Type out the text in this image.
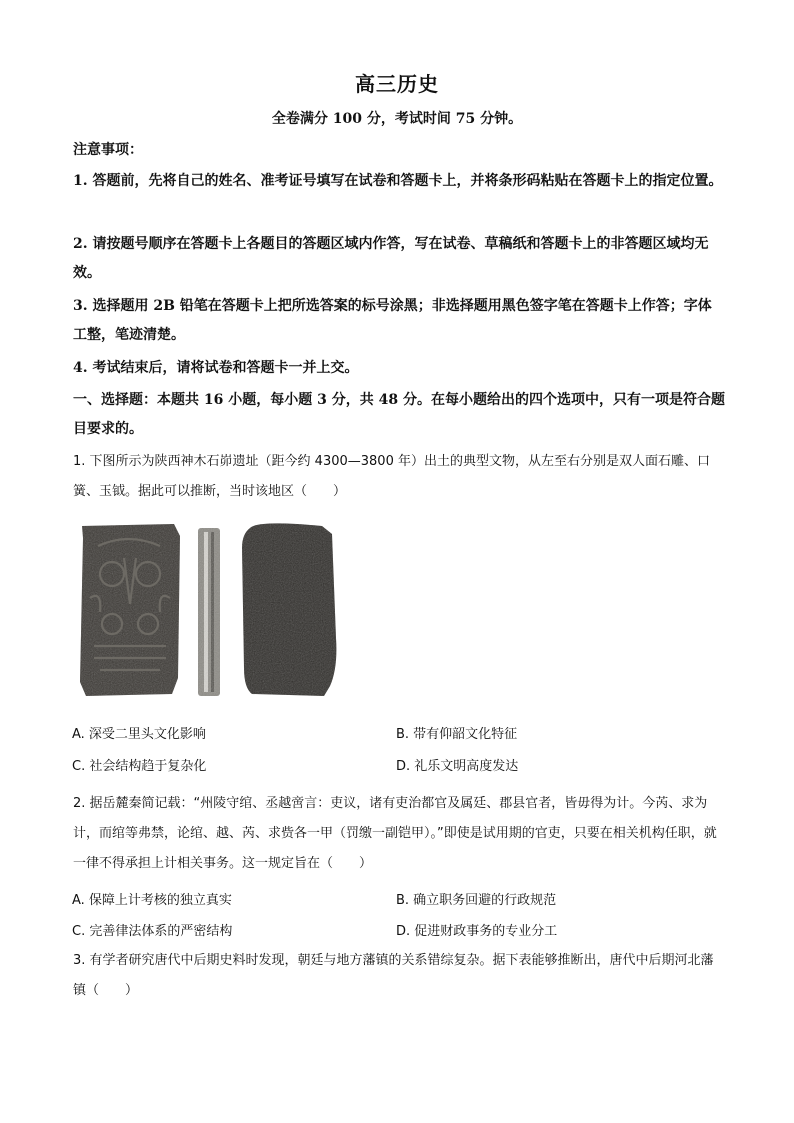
高三历史
全卷满分 100 分，考试时间 75 分钟。
注意事项：
1. 答题前，先将自己的姓名、准考证号填写在试卷和答题卡上，并将条形码粘贴在答题卡上的指定位置。
2. 请按题号顺序在答题卡上各题目的答题区域内作答，写在试卷、草稿纸和答题卡上的非答题区域均无效。
3. 选择题用 2B 铅笔在答题卡上把所选答案的标号涂黑；非选择题用黑色签字笔在答题卡上作答；字体工整，笔迹清楚。
4. 考试结束后，请将试卷和答题卡一并上交。
一、选择题：本题共 16 小题，每小题 3 分，共 48 分。在每小题给出的四个选项中，只有一项是符合题目要求的。
1. 下图所示为陕西神木石峁遗址（距今约 4300—3800 年）出土的典型文物，从左至右分别是双人面石雕、口簧、玉钺。据此可以推断，当时该地区（　　）
A. 深受二里头文化影响	B. 带有仰韶文化特征
C. 社会结构趋于复杂化	D. 礼乐文明高度发达
2. 据岳麓秦简记载：“州陵守绾、丞越啻言：吏议，诸有吏治都官及属廷、郡县官者，皆毋得为计。今芮、求为计，而绾等弗禁，论绾、越、芮、求赀各一甲（罚缴一副铠甲）。”即使是试用期的官吏，只要在相关机构任职，就一律不得承担上计相关事务。这一规定旨在（　　）
A. 保障上计考核的独立真实	B. 确立职务回避的行政规范
C. 完善律法体系的严密结构	D. 促进财政事务的专业分工
3. 有学者研究唐代中后期史料时发现，朝廷与地方藩镇的关系错综复杂。据下表能够推断出，唐代中后期河北藩镇（　　）
